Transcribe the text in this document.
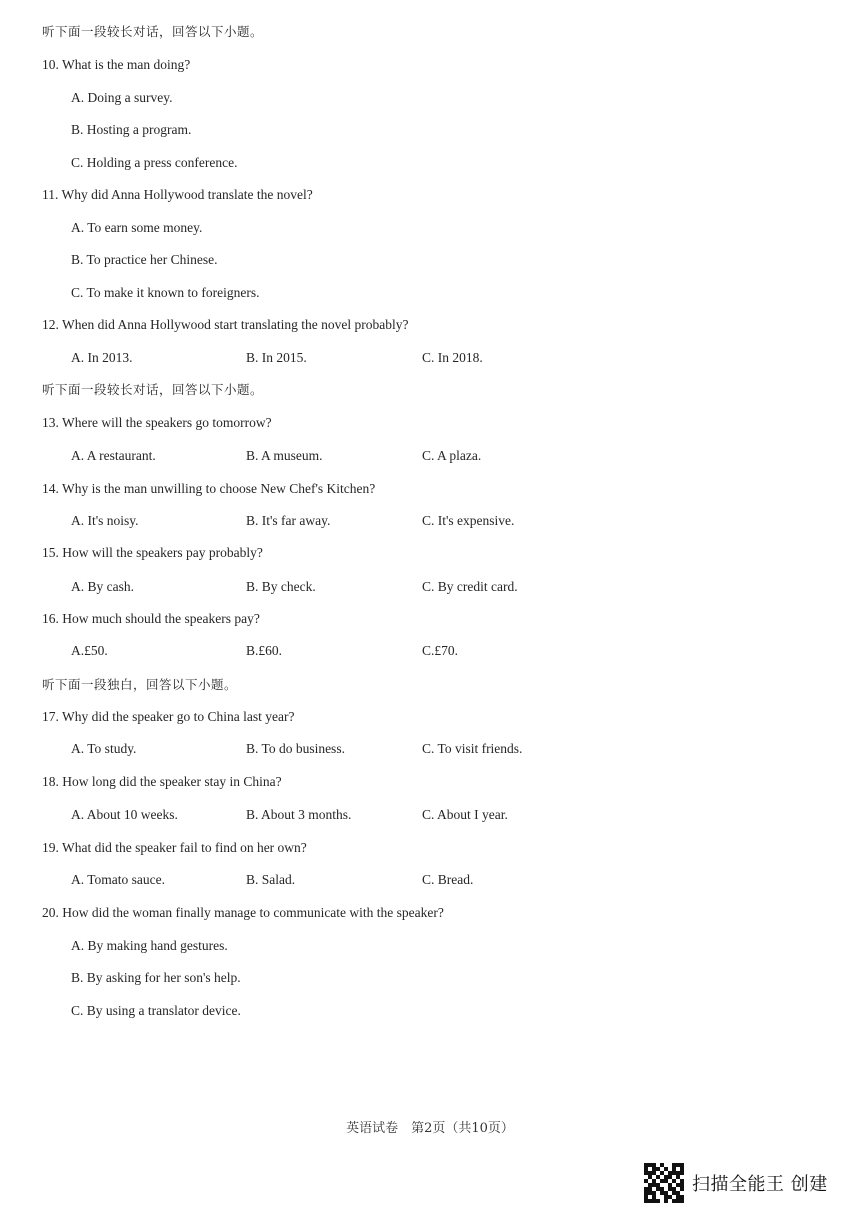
听下面一段较长对话，回答以下小题。
10. What is the man doing?
A. Doing a survey.
B. Hosting a program.
C. Holding a press conference.
11. Why did Anna Hollywood translate the novel?
A. To earn some money.
B. To practice her Chinese.
C. To make it known to foreigners.
12. When did Anna Hollywood start translating the novel probably?
A. In 2013.	B. In 2015.	C. In 2018.
听下面一段较长对话，回答以下小题。
13. Where will the speakers go tomorrow?
A. A restaurant.	B. A museum.	C. A plaza.
14. Why is the man unwilling to choose New Chef's Kitchen?
A. It's noisy.	B. It's far away.	C. It's expensive.
15. How will the speakers pay probably?
A. By cash.	B. By check.	C. By credit card.
16. How much should the speakers pay?
A.£50.	B.£60.	C.£70.
听下面一段独白，回答以下小题。
17. Why did the speaker go to China last year?
A. To study.	B. To do business.	C. To visit friends.
18. How long did the speaker stay in China?
A. About 10 weeks.	B. About 3 months.	C. About I year.
19. What did the speaker fail to find on her own?
A. Tomato sauce.	B. Salad.	C. Bread.
20. How did the woman finally manage to communicate with the speaker?
A. By making hand gestures.
B. By asking for her son's help.
C. By using a translator device.
英语试卷　第2页（共10页）
扫描全能王 创建
